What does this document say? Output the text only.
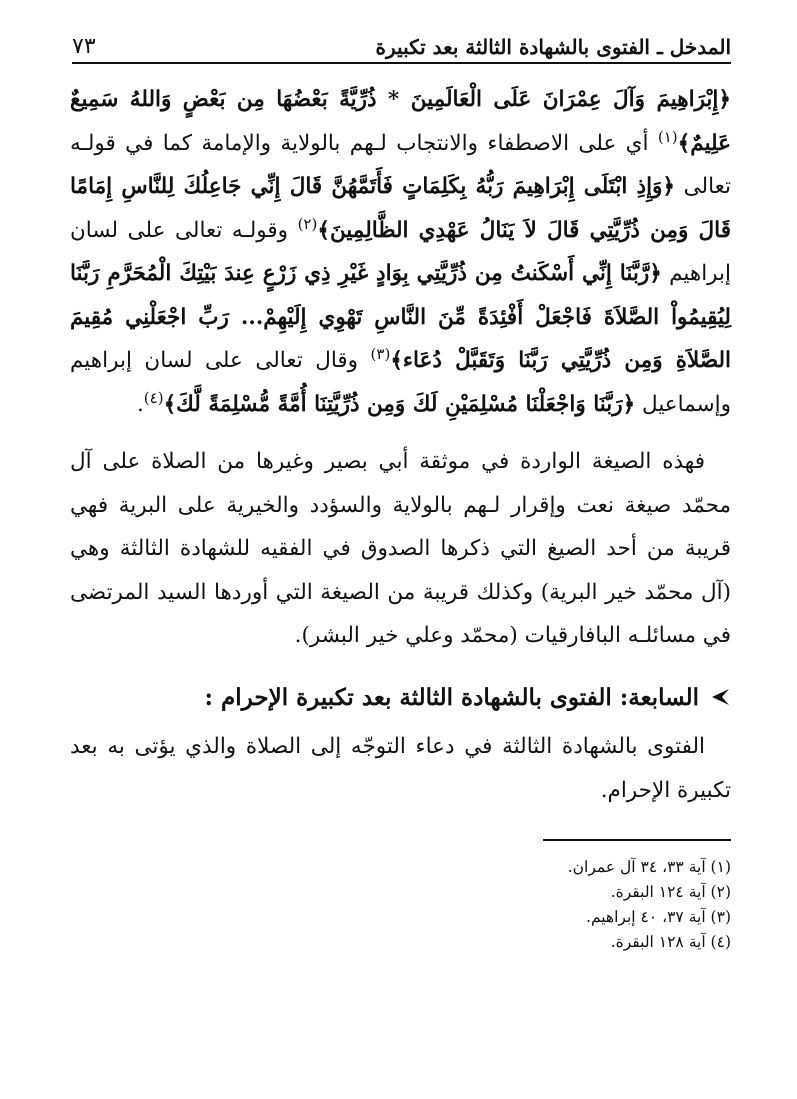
المدخل ـ الفتوى بالشهادة الثالثة بعد تكبيرة
٧٣

﴿إِبْرَاهِيمَ وَآلَ عِمْرَانَ عَلَى الْعَالَمِينَ * ذُرِّيَّةً بَعْضُهَا مِن بَعْضٍ وَاللهُ سَمِيعٌ عَلِيمٌ﴾$^{(١)}$ أي على الاصطفاء والانتجاب لـهم بالولاية والإمامة كما في قولـه تعالى ﴿وَإِذِ ابْتَلَى إِبْرَاهِيمَ رَبُّهُ بِكَلِمَاتٍ فَأَتَمَّهُنَّ قَالَ إِنِّي جَاعِلُكَ لِلنَّاسِ إِمَامًا قَالَ وَمِن ذُرِّيَّتِي قَالَ لاَ يَنَالُ عَهْدِي الظَّالِمِينَ﴾$^{(٢)}$ وقولـه تعالى على لسان إبراهيم ﴿رَّبَّنَا إِنِّي أَسْكَنتُ مِن ذُرِّيَّتِي بِوَادٍ غَيْرِ ذِي زَرْعٍ عِندَ بَيْتِكَ الْمُحَرَّمِ رَبَّنَا لِيُقِيمُواْ الصَّلاَةَ فَاجْعَلْ أَفْئِدَةً مِّنَ النَّاسِ تَهْوِي إِلَيْهِمْ... رَبِّ اجْعَلْنِي مُقِيمَ الصَّلاَةِ وَمِن ذُرِّيَّتِي رَبَّنَا وَتَقَبَّلْ دُعَاء﴾$^{(٣)}$ وقال تعالى على لسان إبراهيم وإسماعيل ﴿رَبَّنَا وَاجْعَلْنَا مُسْلِمَيْنِ لَكَ وَمِن ذُرِّيَّتِنَا أُمَّةً مُّسْلِمَةً لَّكَ﴾$^{(٤)}$.

فهذه الصيغة الواردة في موثقة أبي بصير وغيرها من الصلاة على آل محمّد صيغة نعت وإقرار لـهم بالولاية والسؤدد والخيرية على البرية فهي قريبة من أحد الصيغ التي ذكرها الصدوق في الفقيه للشهادة الثالثة وهي (آل محمّد خير البرية) وكذلك قريبة من الصيغة التي أوردها السيد المرتضى في مسائلـه البافارقيات (محمّد وعلي خير البشر).

السابعة: الفتوى بالشهادة الثالثة بعد تكبيرة الإحرام :

الفتوى بالشهادة الثالثة في دعاء التوجّه إلى الصلاة والذي يؤتى به بعد تكبيرة الإحرام.

(١) آية ٣٣، ٣٤ آل عمران.
(٢) آية ١٢٤ البقرة.
(٣) آية ٣٧، ٤٠ إبراهيم.
(٤) آية ١٢٨ البقرة.
